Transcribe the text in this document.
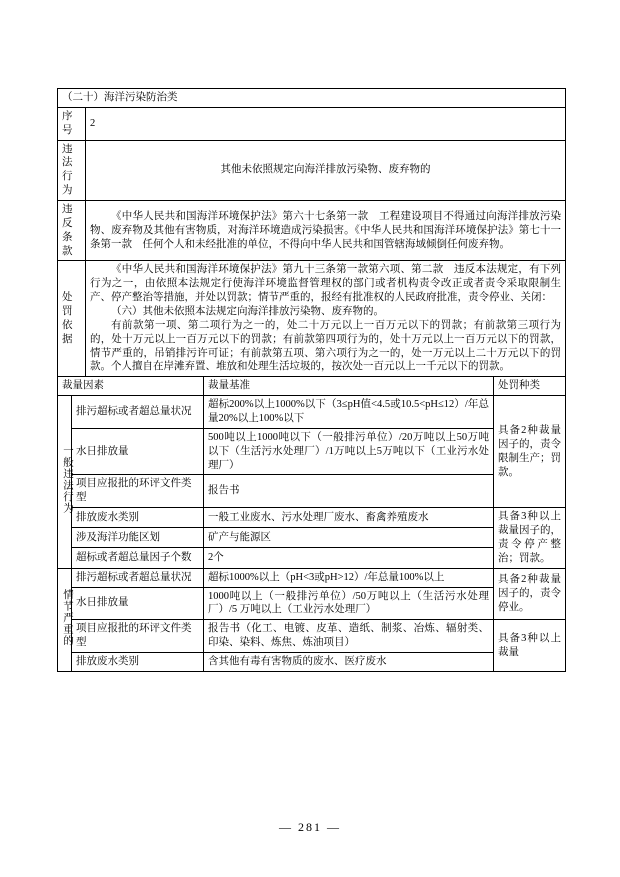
（二十）海洋污染防治类				
序号		2		
违法行为		其他未依照规定向海洋排放污染物、废弃物的		
违反条款		《中华人民共和国海洋环境保护法》第六十七条第一款　工程建设项目不得通过向海洋排放污染物、废弃物及其他有害物质，对海洋环境造成污染损害。《中华人民共和国海洋环境保护法》第七十一条第一款　任何个人和未经批准的单位，不得向中华人民共和国管辖海域倾倒任何废弃物。		
处罚依据		《中华人民共和国海洋环境保护法》第九十三条第一款第六项、第二款　违反本法规定，有下列行为之一，由依照本法规定行使海洋环境监督管理权的部门或者机构责令改正或者责令采取限制生产、停产整治等措施，并处以罚款；情节严重的，报经有批准权的人民政府批准，责令停业、关闭：
（六）其他未依照本法规定向海洋排放污染物、废弃物的。
有前款第一项、第二项行为之一的，处二十万元以上一百万元以下的罚款；有前款第三项行为的，处十万元以上一百万元以下的罚款；有前款第四项行为的，处十万元以上一百万元以下的罚款，情节严重的，吊销排污许可证；有前款第五项、第六项行为之一的，处一万元以上二十万元以下的罚款。个人擅自在岸滩弃置、堆放和处理生活垃圾的，按次处一百元以上一千元以下的罚款。		

裁量因素			裁量基准	处罚种类
一般违法行为	排污超标或者超总量状况		超标200%以上1000%以下（3≤pH值<4.5或10.5<pH≤12）/年总量20%以上100%以下	具备2种裁量因子的，责令限制生产；罚款。
	水日排放量		500吨以上1000吨以下（一般排污单位）/20万吨以上50万吨以下（生活污水处理厂）/1万吨以上5万吨以下（工业污水处理厂）	
	项目应报批的环评文件类型		报告书	
	排放废水类别		一般工业废水、污水处理厂废水、畜禽养殖废水	具备3种以上裁量因子的，责令停产整治；罚款。
	涉及海洋功能区划		矿产与能源区	
	超标或者超总量因子个数		2个	
情节严重的	排污超标或者超总量状况		超标1000%以上（pH<3或pH>12）/年总量100%以上	具备2种裁量因子的，责令停业。
	水日排放量		1000吨以上（一般排污单位）/50万吨以上（生活污水处理厂）/5 万吨以上（工业污水处理厂）	
	项目应报批的环评文件类型		报告书（化工、电镀、皮革、造纸、制浆、冶炼、辐射类、印染、染料、炼焦、炼油项目）	具备3种以上裁量
	排放废水类别		含其他有毒有害物质的废水、医疗废水	
— 281 —
